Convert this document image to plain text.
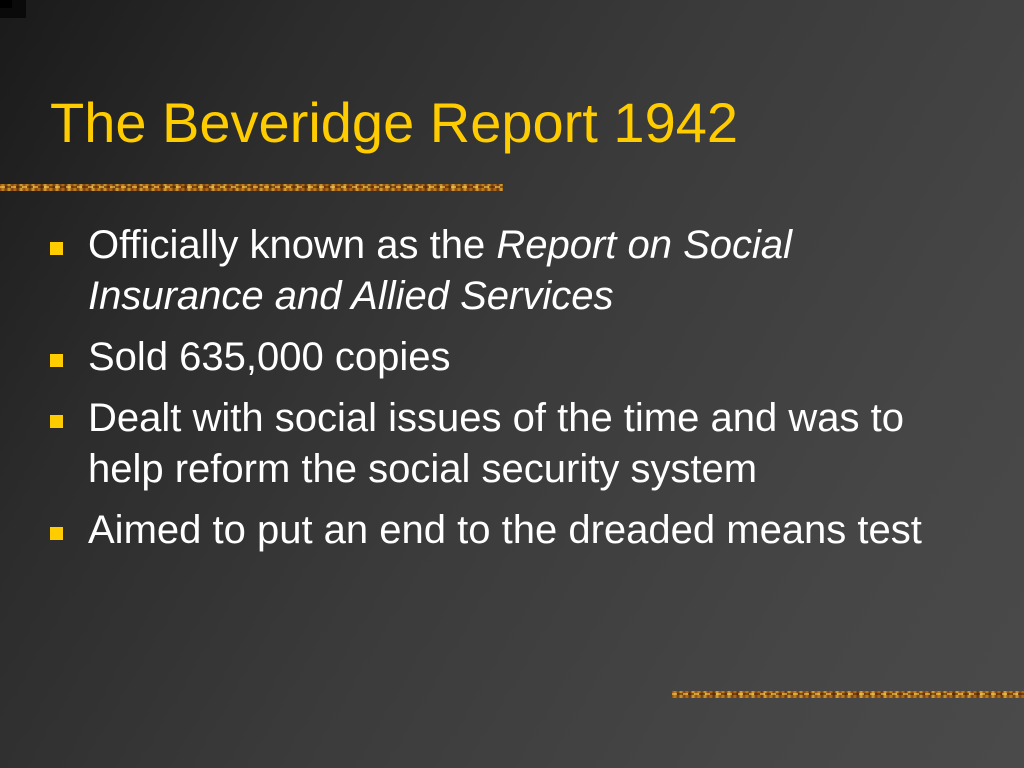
The Beveridge Report 1942
Officially known as the Report on Social Insurance and Allied Services
Sold 635,000 copies
Dealt with social issues of the time and was to help reform the social security system
Aimed to put an end to the dreaded means test
